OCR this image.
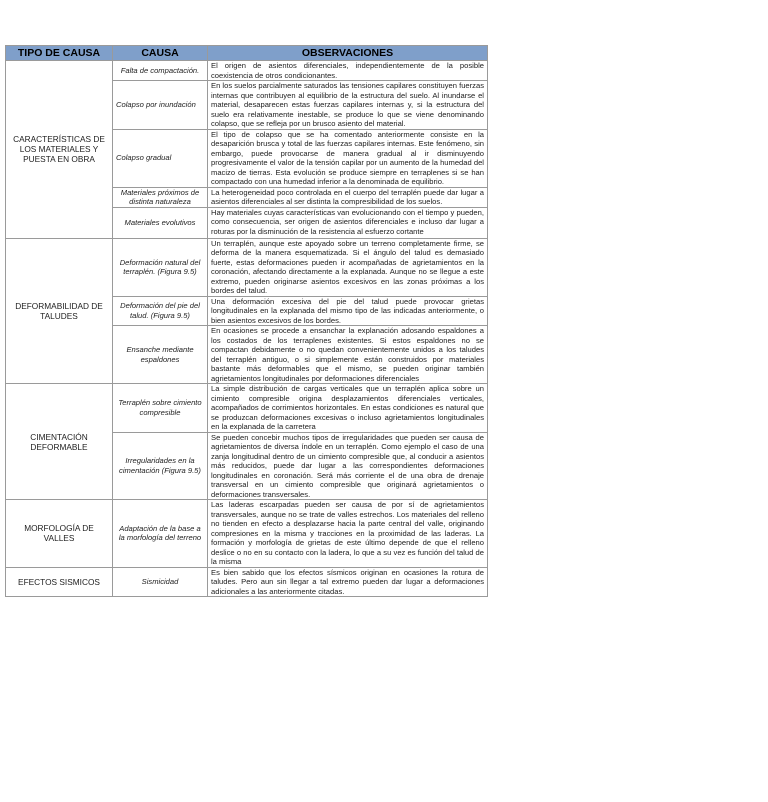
TIPO DE CAUSA	CAUSA	OBSERVACIONES
CARACTERÍSTICAS DE LOS MATERIALES Y PUESTA EN OBRA	Falta de compactación.	El origen de asientos diferenciales, independientemente de la posible coexistencia de otros condicionantes.
	Colapso por inundación	En los suelos parcialmente saturados las tensiones capilares constituyen fuerzas internas que contribuyen al equilibrio de la estructura del suelo. Al inundarse el material, desaparecen estas fuerzas capilares internas y, si la estructura del suelo era relativamente inestable, se produce lo que se viene denominando colapso, que se refleja por un brusco asiento del material.
	Colapso gradual	El tipo de colapso que se ha comentado anteriormente consiste en la desaparición brusca y total de las fuerzas capilares internas. Este fenómeno, sin embargo, puede provocarse de manera gradual al ir disminuyendo progresivamente el valor de la tensión capilar por un aumento de la humedad del macizo de tierras. Esta evolución se produce siempre en terraplenes si se han compactado con una humedad inferior a la denominada de equilibrio.
	Materiales próximos de distinta naturaleza	La heterogeneidad poco controlada en el cuerpo del terraplén puede dar lugar a asientos diferenciales al ser distinta la compresibilidad de los suelos.
	Materiales evolutivos	Hay materiales cuyas características van evolucionando con el tiempo y pueden, como consecuencia, ser origen de asientos diferenciales e incluso dar lugar a roturas por la disminución de la resistencia al esfuerzo cortante
DEFORMABILIDAD DE TALUDES	Deformación natural del terraplén. (Figura 9.5)	Un terraplén, aunque este apoyado sobre un terreno completamente firme, se deforma de la manera esquematizada. Si el ángulo del talud es demasiado fuerte, estas deformaciones pueden ir acompañadas de agrietamientos en la coronación, afectando directamente a la explanada. Aunque no se llegue a este extremo, pueden originarse asientos excesivos en las zonas próximas a los bordes del talud.
	Deformación del pie del talud. (Figura 9.5)	Una deformación excesiva del pie del talud puede provocar grietas longitudinales en la explanada del mismo tipo de las indicadas anteriormente, o bien asientos excesivos de los bordes.
	Ensanche mediante espaldones	En ocasiones se procede a ensanchar la explanación adosando espaldones a los costados de los terraplenes existentes. Si estos espaldones no se compactan debidamente o no quedan convenientemente unidos a los taludes del terraplén antiguo, o si simplemente están construidos por materiales bastante más deformables que el mismo, se pueden originar también agrietamientos longitudinales por deformaciones diferenciales
CIMENTACIÓN DEFORMABLE	Terraplén sobre cimiento compresible	La simple distribución de cargas verticales que un terraplén aplica sobre un cimiento compresible origina desplazamientos diferenciales verticales, acompañados de corrimientos horizontales. En estas condiciones es natural que se produzcan deformaciones excesivas o incluso agrietamientos longitudinales en la explanada de la carretera
	Irregularidades en la cimentación (Figura 9.5)	Se pueden concebir muchos tipos de irregularidades que pueden ser causa de agrietamientos de diversa índole en un terraplén. Como ejemplo el caso de una zanja longitudinal dentro de un cimiento compresible que, al conducir a asientos más reducidos, puede dar lugar a las correspondientes deformaciones longitudinales en coronación. Será más corriente el de una obra de drenaje transversal en un cimiento compresible que originará agrietamientos o deformaciones transversales.
MORFOLOGÍA DE VALLES	Adaptación de la base a la morfología del terreno	Las laderas escarpadas pueden ser causa de por sí de agrietamientos transversales, aunque no se trate de valles estrechos. Los materiales del relleno no tienden en efecto a desplazarse hacia la parte central del valle, originando compresiones en la misma y tracciones en la proximidad de las laderas. La formación y morfología de grietas de este último depende de que el relleno deslice o no en su contacto con la ladera, lo que a su vez es función del talud de la misma
EFECTOS SISMICOS	Sismicidad	Es bien sabido que los efectos sísmicos originan en ocasiones la rotura de taludes. Pero aun sin llegar a tal extremo pueden dar lugar a deformaciones adicionales a las anteriormente citadas.
